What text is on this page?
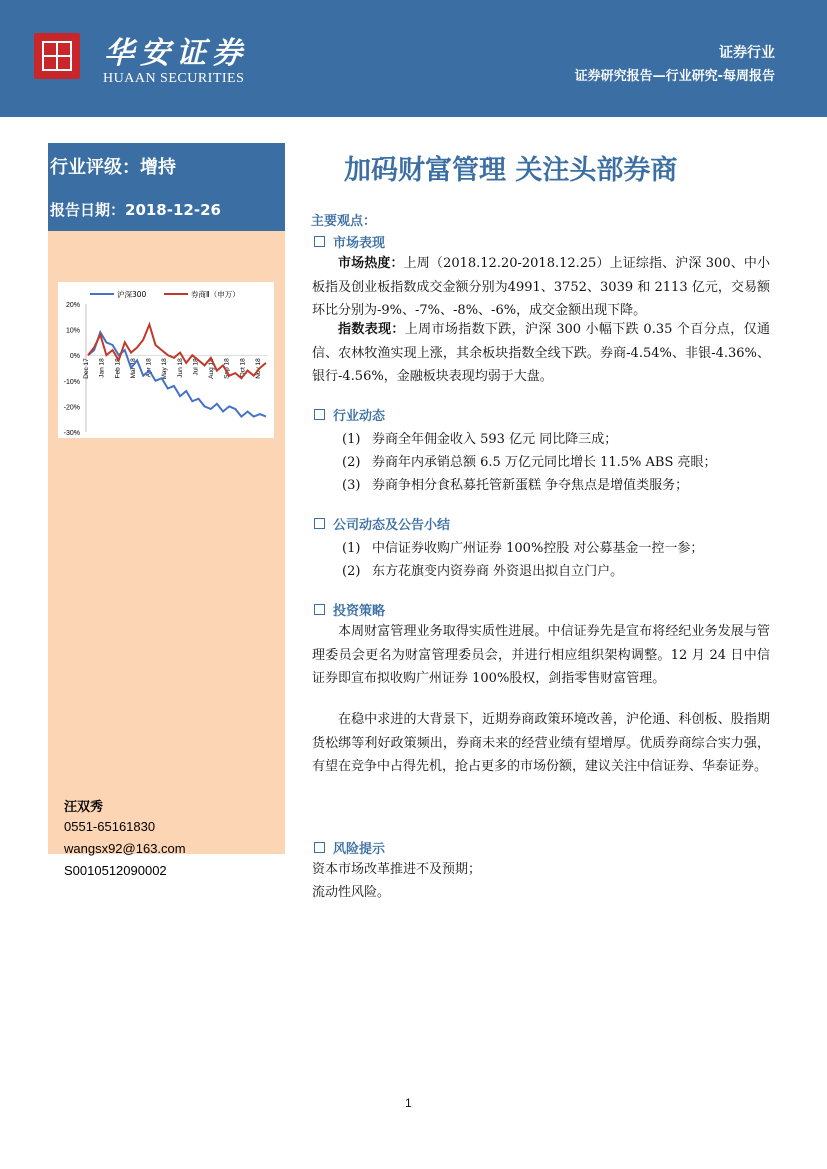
华安证券
HUAAN SECURITIES
证券行业
证券研究报告—行业研究-每周报告
行业评级：增持
报告日期：2018-12-26
20%
10%
0%
-10%
-20%
-30%
Dec 17 Jan 18 Feb 18 Mar 18 Apr 18 May 18 Jun 18 Jul 18 Aug 18 Sep 18 Oct 18 Nov 18
沪深300	券商Ⅱ（申万）
汪双秀
0551-65161830
wangsx92@163.com
S0010512090002
加码财富管理 关注头部券商
主要观点：
市场表现
市场热度：上周（2018.12.20-2018.12.25）上证综指、沪深 300、中小板指及创业板指数成交金额分别为4991、3752、3039 和 2113 亿元，交易额环比分别为-9%、-7%、-8%、-6%，成交金额出现下降。
指数表现：上周市场指数下跌，沪深 300 小幅下跌 0.35 个百分点，仅通信、农林牧渔实现上涨，其余板块指数全线下跌。券商-4.54%、非银-4.36%、银行-4.56%，金融板块表现均弱于大盘。
行业动态
(1) 券商全年佣金收入 593 亿元 同比降三成；
(2) 券商年内承销总额 6.5 万亿元同比增长 11.5% ABS 亮眼；
(3) 券商争相分食私募托管新蛋糕 争夺焦点是增值类服务；
公司动态及公告小结
(1) 中信证券收购广州证券 100%控股 对公募基金一控一参；
(2) 东方花旗变内资券商 外资退出拟自立门户。
投资策略
本周财富管理业务取得实质性进展。中信证券先是宣布将经纪业务发展与管理委员会更名为财富管理委员会，并进行相应组织架构调整。12 月 24 日中信证券即宣布拟收购广州证券 100%股权，剑指零售财富管理。
在稳中求进的大背景下，近期券商政策环境改善，沪伦通、科创板、股指期货松绑等利好政策频出，券商未来的经营业绩有望增厚。优质券商综合实力强，有望在竞争中占得先机，抢占更多的市场份额，建议关注中信证券、华泰证券。
风险提示
资本市场改革推进不及预期；
流动性风险。
1
